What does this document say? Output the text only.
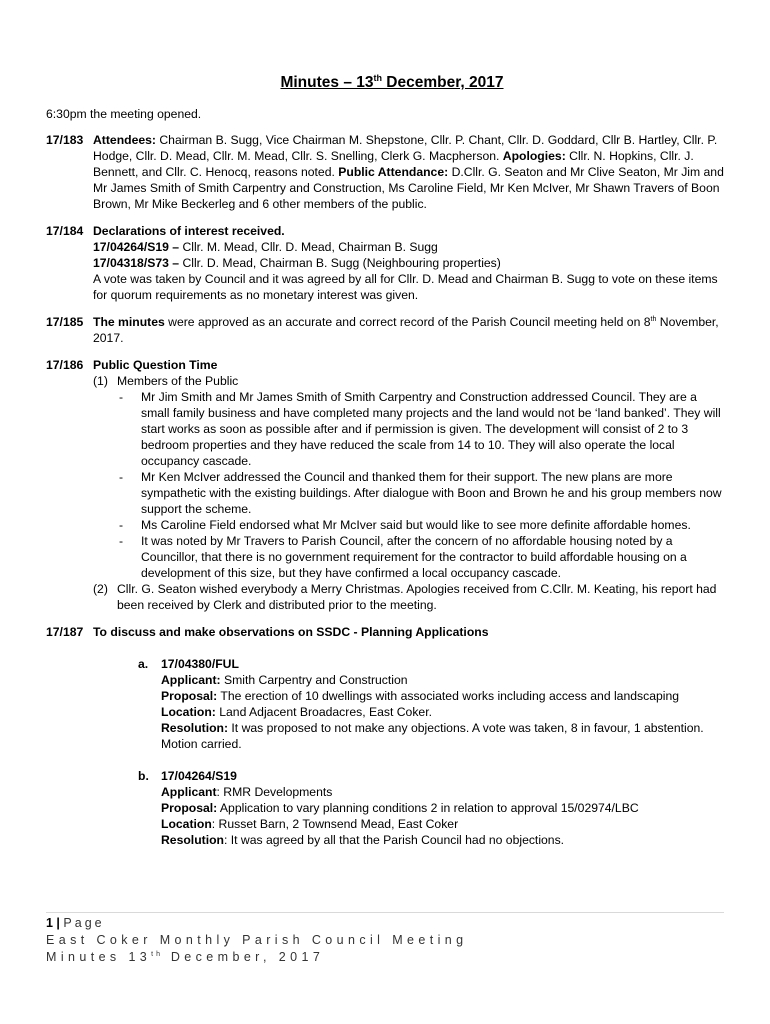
Minutes – 13th December, 2017

6:30pm the meeting opened.

17/183 Attendees: Chairman B. Sugg, Vice Chairman M. Shepstone, Cllr. P. Chant, Cllr. D. Goddard, Cllr B. Hartley, Cllr. P. Hodge, Cllr. D. Mead, Cllr. M. Mead, Cllr. S. Snelling, Clerk G. Macpherson. Apologies: Cllr. N. Hopkins, Cllr. J. Bennett, and Cllr. C. Henocq, reasons noted. Public Attendance: D.Cllr. G. Seaton and Mr Clive Seaton, Mr Jim and Mr James Smith of Smith Carpentry and Construction, Ms Caroline Field, Mr Ken McIver, Mr Shawn Travers of Boon Brown, Mr Mike Beckerleg and 6 other members of the public.
17/184 Declarations of interest received.

17/04264/S19 – Cllr. M. Mead, Cllr. D. Mead, Chairman B. Sugg

17/04318/S73 – Cllr. D. Mead, Chairman B. Sugg (Neighbouring properties)

A vote was taken by Council and it was agreed by all for Cllr. D. Mead and Chairman B. Sugg to vote on these items for quorum requirements as no monetary interest was given.

17/185 The minutes were approved as an accurate and correct record of the Parish Council meeting held on 8th November, 2017.
17/186 Public Question Time

(1) Members of the Public
-	Mr Jim Smith and Mr James Smith of Smith Carpentry and Construction addressed Council. They are a small family business and have completed many projects and the land would not be ‘land banked’. They will start works as soon as possible after and if permission is given. The development will consist of 2 to 3 bedroom properties and they have reduced the scale from 14 to 10. They will also operate the local occupancy cascade.
-	Mr Ken McIver addressed the Council and thanked them for their support. The new plans are more sympathetic with the existing buildings. After dialogue with Boon and Brown he and his group members now support the scheme.
-	Ms Caroline Field endorsed what Mr McIver said but would like to see more definite affordable homes.
-	It was noted by Mr Travers to Parish Council, after the concern of no affordable housing noted by a Councillor, that there is no government requirement for the contractor to build affordable housing on a development of this size, but they have confirmed a local occupancy cascade.
(2) Cllr. G. Seaton wished everybody a Merry Christmas. Apologies received from C.Cllr. M. Keating, his report had been received by Clerk and distributed prior to the meeting.
17/187 To discuss and make observations on SSDC - Planning Applications

a.	17/04380/FUL

Applicant: Smith Carpentry and Construction

Proposal: The erection of 10 dwellings with associated works including access and landscaping

Location: Land Adjacent Broadacres, East Coker.

Resolution: It was proposed to not make any objections. A vote was taken, 8 in favour, 1 abstention. Motion carried.

b. 17/04264/S19

Applicant: RMR Developments

Proposal: Application to vary planning conditions 2 in relation to approval 15/02974/LBC

Location: Russet Barn, 2 Townsend Mead, East Coker

Resolution: It was agreed by all that the Parish Council had no objections.

1 | Page
East Coker Monthly Parish Council Meeting
Minutes 13th December, 2017
